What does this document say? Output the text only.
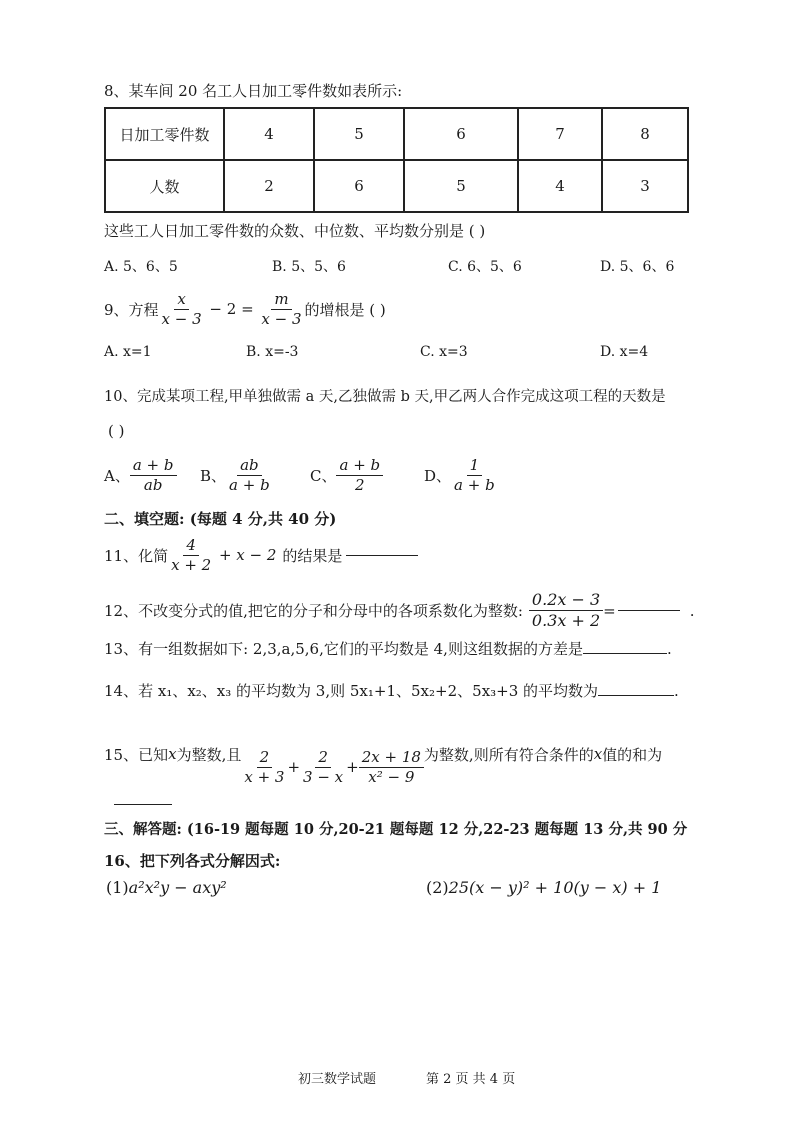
8、某车间 20 名工人日加工零件数如表所示:
日加工零件数	4	5	6	7	8
人数	2	6	5	4	3
这些工人日加工零件数的众数、中位数、平均数分别是 ( )
A. 5、6、5	B. 5、5、6	C. 6、5、6	D. 5、6、6
9、方程 $\frac{x}{x - 3} - 2 = \frac{m}{x - 3}$ 的增根是 ( )
A. x=1	B. x=-3	C. x=3	D. x=4
10、完成某项工程,甲单独做需 a 天,乙独做需 b 天,甲乙两人合作完成这项工程的天数是
( )
A、 $\frac{a + b}{ab}$ B、 $\frac{ab}{a + b}$ C、 $\frac{a + b}{2}$	D、 $\frac{1}{a + b}$
二、填空题: (每题 4 分,共 40 分)
11、化简 $\frac{4}{x + 2} + x - 2$ 的结果是
12、不改变分式的值,把它的分子和分母中的各项系数化为整数: $\frac{0.2x - 3}{0.3x + 2}$ =	.
13、有一组数据如下: 2,3,a,5,6,它们的平均数是 4,则这组数据的方差是	.
14、若 x₁、x₂、x₃ 的平均数为 3,则 5x₁+1、5x₂+2、5x₃+3 的平均数为	.
15、已知 x 为整数,且 $\frac{2}{x + 3} + \frac{2}{3 - x} + \frac{2x + 18}{\text{x² − 9}}$ 为整数,则所有符合条件的 x 值的和为
三、解答题: (16-19 题每题 10 分,20-21 题每题 12 分,22-23 题每题 13 分,共 90 分
16、把下列各式分解因式:
(1)a²x²y − axy²	(2)25(x − y)² + 10(y − x) + 1
初三数学试题	第 2 页 共 4 页
